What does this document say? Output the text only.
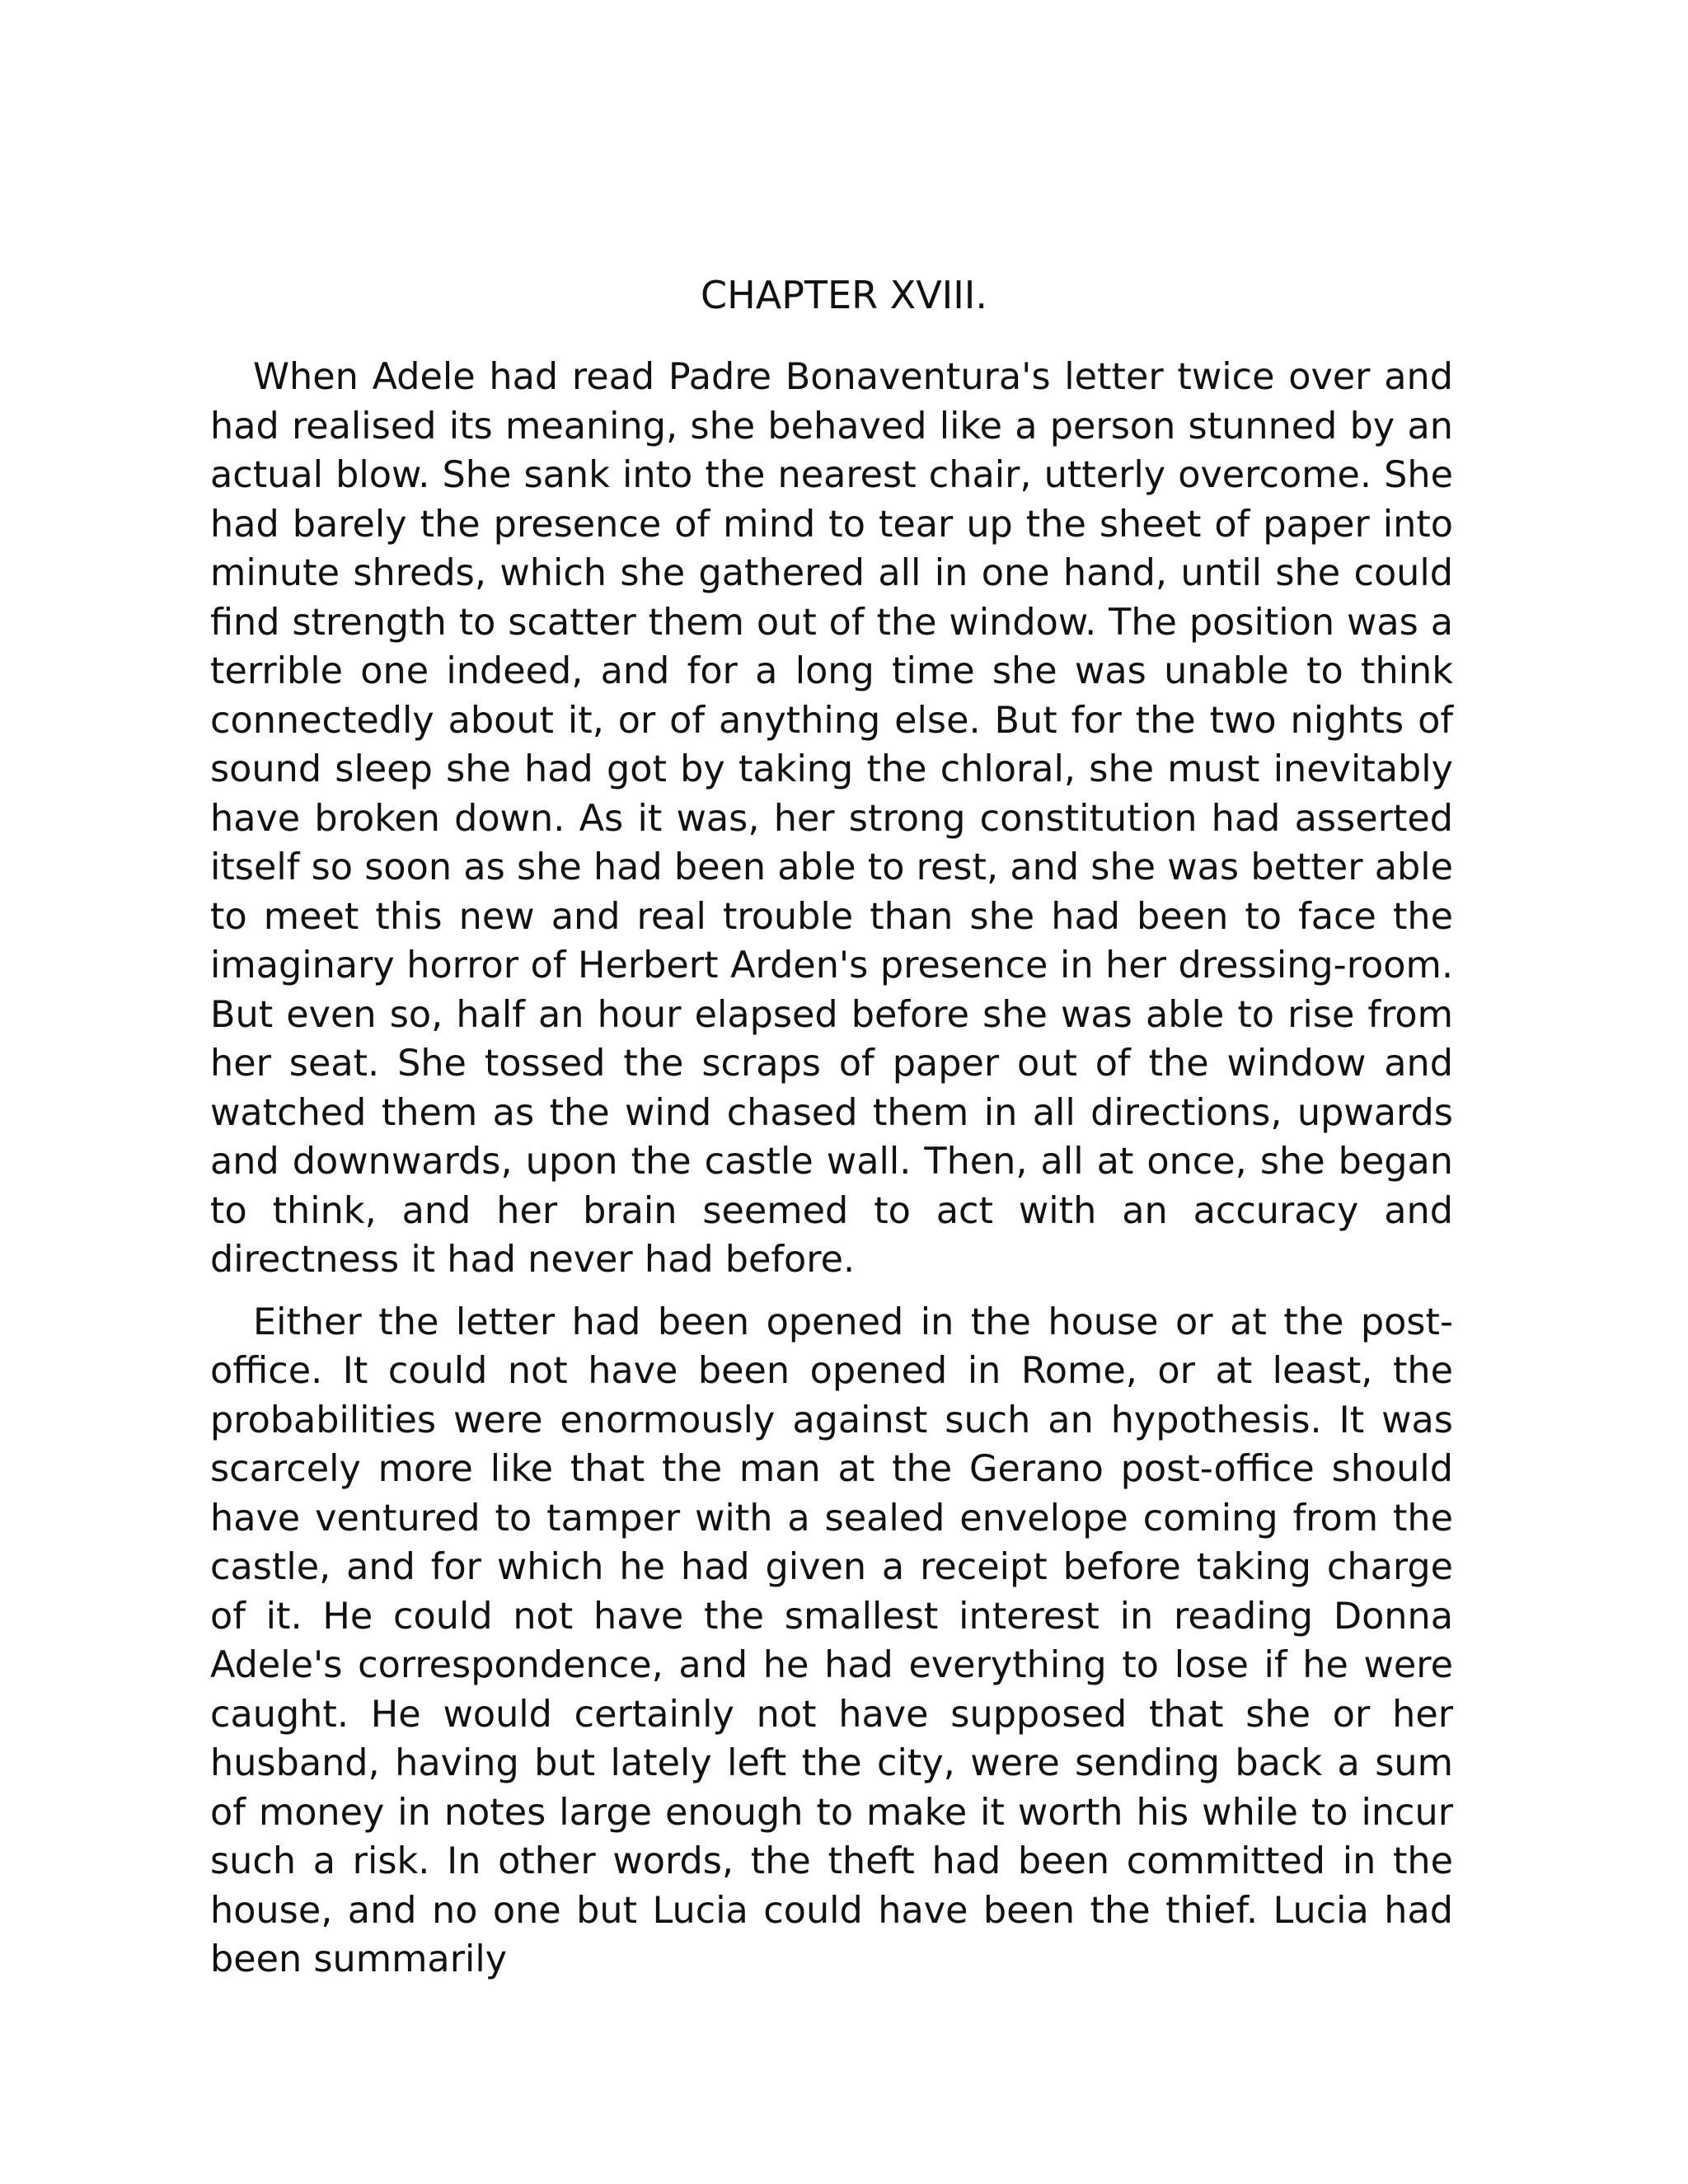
CHAPTER XVIII.

When Adele had read Padre Bonaventura's letter twice over and had realised its meaning, she behaved like a person stunned by an actual blow. She sank into the nearest chair, utterly overcome. She had barely the presence of mind to tear up the sheet of paper into minute shreds, which she gathered all in one hand, until she could find strength to scatter them out of the window. The position was a terrible one indeed, and for a long time she was unable to think connectedly about it, or of anything else. But for the two nights of sound sleep she had got by taking the chloral, she must inevitably have broken down. As it was, her strong constitution had asserted itself so soon as she had been able to rest, and she was better able to meet this new and real trouble than she had been to face the imaginary horror of Herbert Arden's presence in her dressing-room. But even so, half an hour elapsed before she was able to rise from her seat. She tossed the scraps of paper out of the window and watched them as the wind chased them in all directions, upwards and downwards, upon the castle wall. Then, all at once, she began to think, and her brain seemed to act with an accuracy and directness it had never had before.

Either the letter had been opened in the house or at the post-office. It could not have been opened in Rome, or at least, the probabilities were enormously against such an hypothesis. It was scarcely more like that the man at the Gerano post-office should have ventured to tamper with a sealed envelope coming from the castle, and for which he had given a receipt before taking charge of it. He could not have the smallest interest in reading Donna Adele's correspondence, and he had everything to lose if he were caught. He would certainly not have supposed that she or her husband, having but lately left the city, were sending back a sum of money in notes large enough to make it worth his while to incur such a risk. In other words, the theft had been committed in the house, and no one but Lucia could have been the thief. Lucia had been summarily
